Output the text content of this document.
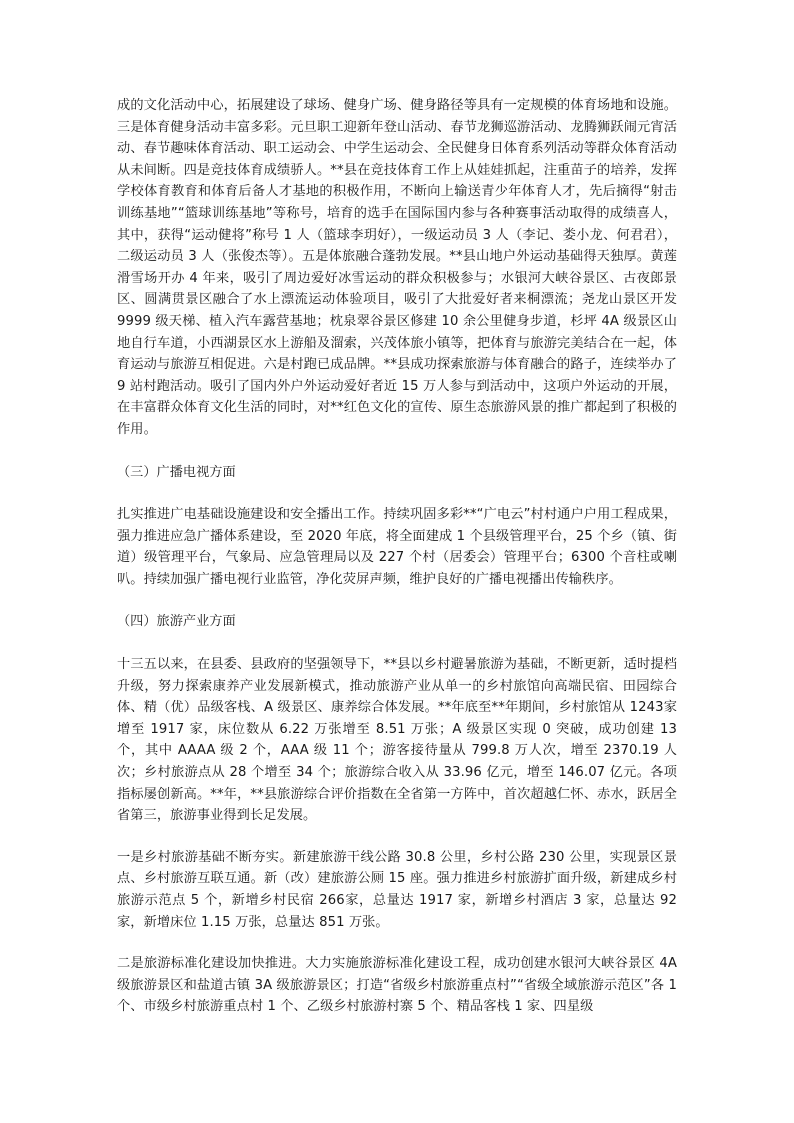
成的文化活动中心，拓展建设了球场、健身广场、健身路径等具有一定规模的体育场地和设施。三是体育健身活动丰富多彩。元旦职工迎新年登山活动、春节龙狮巡游活动、龙腾狮跃闹元宵活动、春节趣味体育活动、职工运动会、中学生运动会、全民健身日体育系列活动等群众体育活动从未间断。四是竞技体育成绩骄人。**县在竞技体育工作上从娃娃抓起，注重苗子的培养，发挥学校体育教育和体育后备人才基地的积极作用，不断向上输送青少年体育人才，先后摘得“射击训练基地”“篮球训练基地”等称号，培育的选手在国际国内参与各种赛事活动取得的成绩喜人，其中，获得“运动健将”称号 1 人（篮球李玥好），一级运动员 3 人（李记、娄小龙、何君君），二级运动员 3 人（张俊杰等）。五是体旅融合蓬勃发展。**县山地户外运动基础得天独厚。黄莲滑雪场开办 4 年来，吸引了周边爱好冰雪运动的群众积极参与；水银河大峡谷景区、古夜郎景区、圆满贯景区融合了水上漂流运动体验项目，吸引了大批爱好者来桐漂流；尧龙山景区开发 9999 级天梯、植入汽车露营基地；枕泉翠谷景区修建 10 余公里健身步道，杉坪 4A 级景区山地自行车道，小西湖景区水上游船及溜索，兴茂体旅小镇等，把体育与旅游完美结合在一起，体育运动与旅游互相促进。六是村跑已成品牌。**县成功探索旅游与体育融合的路子，连续举办了 9 站村跑活动。吸引了国内外户外运动爱好者近 15 万人参与到活动中，这项户外运动的开展，在丰富群众体育文化生活的同时，对**红色文化的宣传、原生态旅游风景的推广都起到了积极的作用。

（三）广播电视方面

扎实推进广电基础设施建设和安全播出工作。持续巩固多彩**“广电云”村村通户户用工程成果，强力推进应急广播体系建设，至 2020 年底，将全面建成 1 个县级管理平台，25 个乡（镇、街道）级管理平台，气象局、应急管理局以及 227 个村（居委会）管理平台；6300 个音柱或喇叭。持续加强广播电视行业监管，净化荧屏声频，维护良好的广播电视播出传输秩序。

（四）旅游产业方面

十三五以来，在县委、县政府的坚强领导下，**县以乡村避暑旅游为基础，不断更新，适时提档升级，努力探索康养产业发展新模式，推动旅游产业从单一的乡村旅馆向高端民宿、田园综合体、精（优）品级客栈、A 级景区、康养综合体发展。**年底至**年期间，乡村旅馆从 1243家增至 1917 家，床位数从 6.22 万张增至 8.51 万张；A 级景区实现 0 突破，成功创建 13 个，其中 AAAA 级 2 个，AAA 级 11 个；游客接待量从 799.8 万人次，增至 2370.19 人次；乡村旅游点从 28 个增至 34 个；旅游综合收入从 33.96 亿元，增至 146.07 亿元。各项指标屡创新高。**年，**县旅游综合评价指数在全省第一方阵中，首次超越仁怀、赤水，跃居全省第三，旅游事业得到长足发展。

一是乡村旅游基础不断夯实。新建旅游干线公路 30.8 公里，乡村公路 230 公里，实现景区景点、乡村旅游互联互通。新（改）建旅游公厕 15 座。强力推进乡村旅游扩面升级，新建成乡村旅游示范点 5 个，新增乡村民宿 266家，总量达 1917 家，新增乡村酒店 3 家，总量达 92 家，新增床位 1.15 万张，总量达 851 万张。

二是旅游标准化建设加快推进。大力实施旅游标准化建设工程，成功创建水银河大峡谷景区 4A 级旅游景区和盐道古镇 3A 级旅游景区；打造“省级乡村旅游重点村”“省级全域旅游示范区”各 1 个、市级乡村旅游重点村 1 个、乙级乡村旅游村寨 5 个、精品客栈 1 家、四星级
